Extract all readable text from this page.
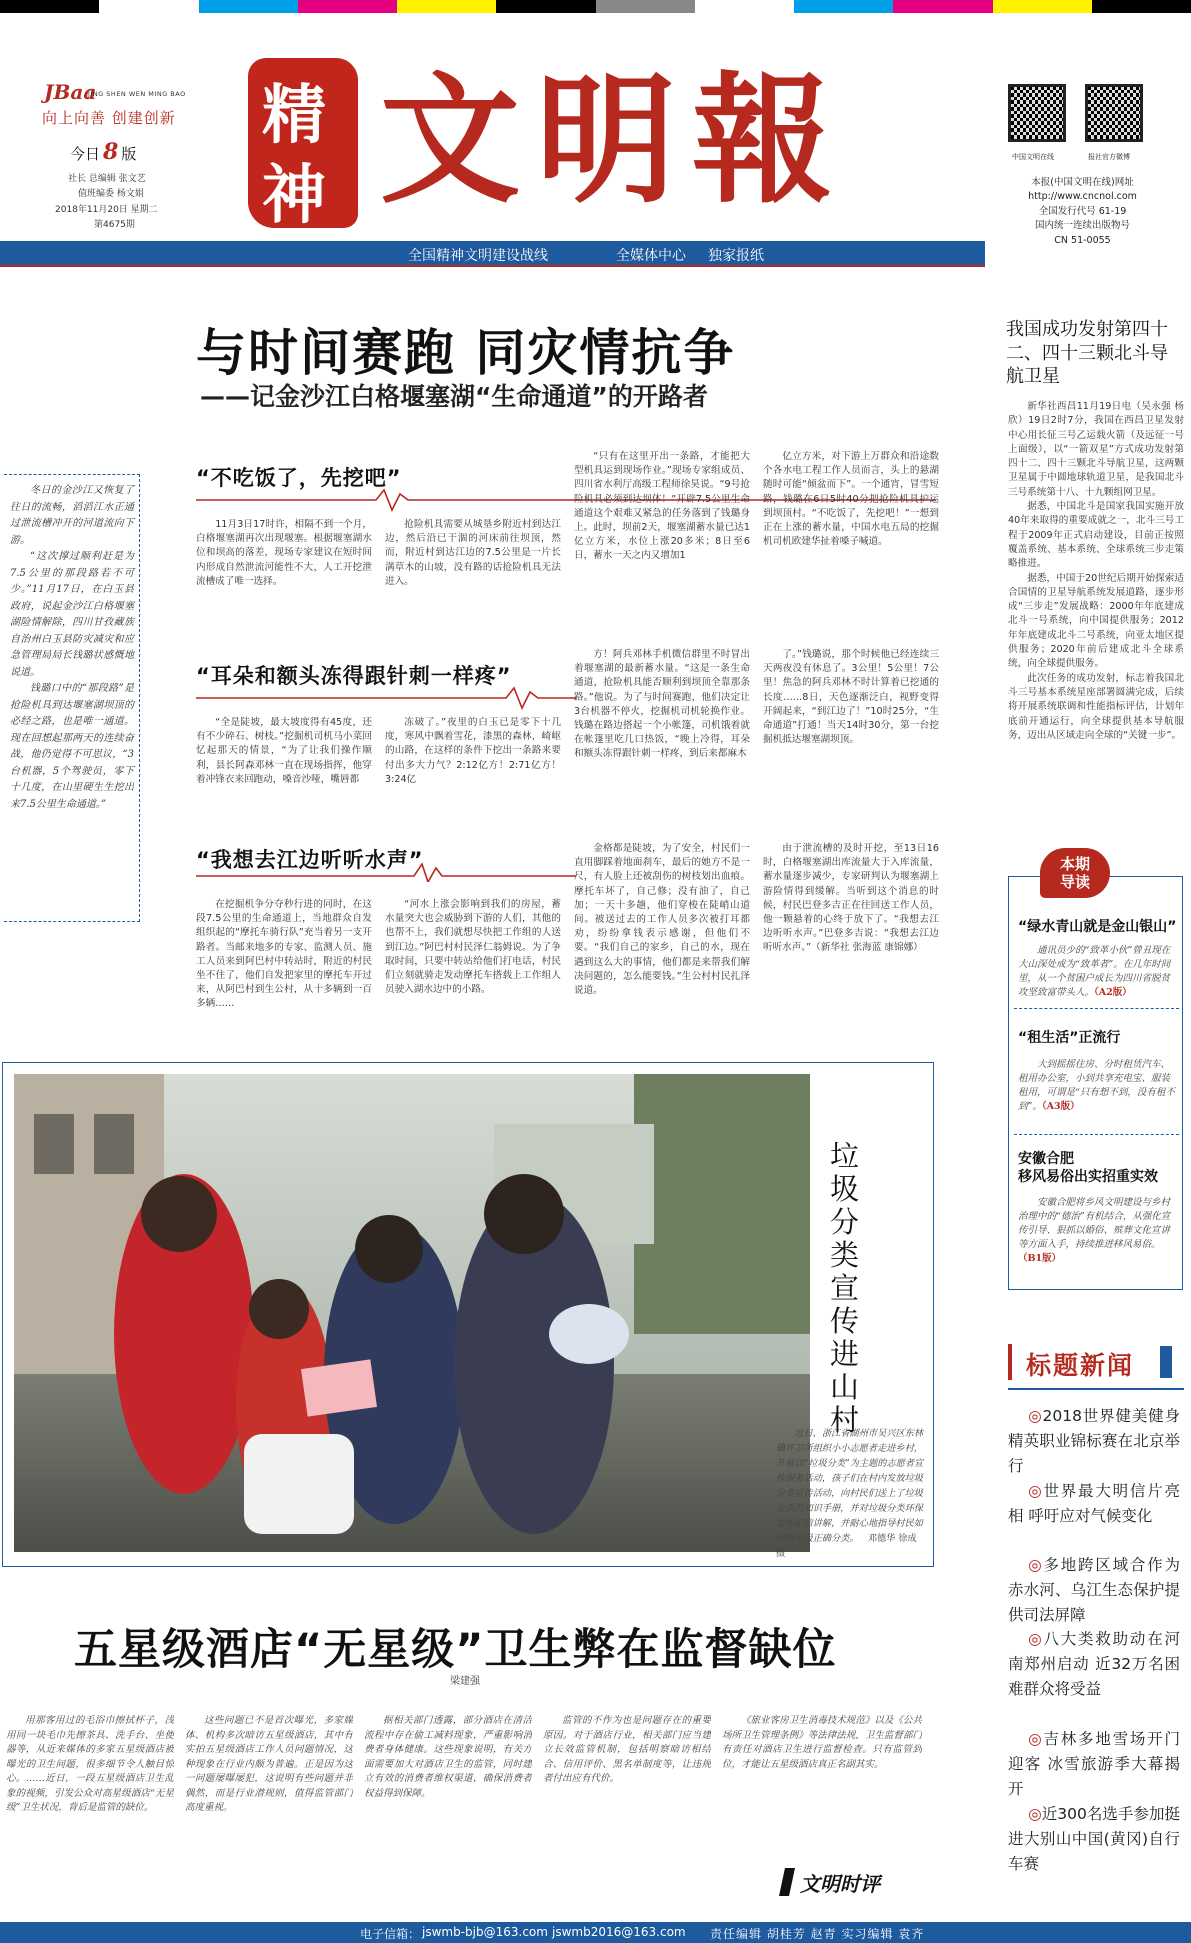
JBaa
JING SHEN WEN MING BAO
向上向善 创建创新
今日 8 版
社长 总编辑 张文艺
值班编委 杨文娟
2018年11月20日 星期二
第4675期
精
神 文明報	中国文明在线	报社官方微博
本报(中国文明在线)网址
http://www.cncnol.com
全国发行代号 61-19
国内统一连续出版物号
CN 51-0055
全国精神文明建设战线	全媒体中心 独家报纸
与时间赛跑 同灾情抗争
——记金沙江白格堰塞湖“生命通道”的开路者

冬日的金沙江又恢复了往日的流畅，滔滔江水正通过泄流槽冲开的河道流向下游。

“这次撑过顺利赶是为7.5公里的那段路若不可少。”11月17日，在白玉县政府，说起金沙江白格堰塞湖险情解除，四川甘孜藏族自治州白玉县防灾减灾和应急管理局局长钱璐状感慨地说道。

钱璐口中的“那段路”是抢险机具到达堰塞湖坝顶的必经之路，也是唯一通道。现在回想起那两天的连续奋战，他仍觉得不可思议，“3台机器，5个驾驶员，零下十几度，在山里硬生生挖出来7.5公里生命通道。”

“不吃饭了，先挖吧”

11月3日17时许，相隔不到一个月，白格堰塞湖再次出现堰塞。根据堰塞湖水位和坝高的落差，现场专家建议在短时间内形成自然泄流河能性不大，人工开挖泄流槽成了唯一选择。

抢险机具需要从城垦乡附近村到达江边，然后沿已干涸的河床前往坝顶，然而，附近村到达江边的7.5公里是一片长满草木的山坡，没有路的话抢险机具无法进入。

“只有在这里开出一条路，才能把大型机具运到现场作业。”现场专家组成员、四川省水利厅高级工程师徐昊说。“9号抢险机具必须到达坝体！”开辟7.5公里生命通道这个艰难又紧急的任务落到了钱璐身上。此时，坝前2天，堰塞湖蓄水量已达1亿立方米，水位上涨20多米；8日至6日，蓄水一天之内又增加1

亿立方米，对下游上万群众和沿途数个各水电工程工作人员而言，头上的悬湖随时可能“倾盆而下”。一个通宵，冒雪短路，钱璐在6日5时40分把抢险机具护运到坝顶村。“不吃饭了，先挖吧！”一想到正在上涨的蓄水量，中国水电五局的挖掘机司机欧建华扯着嗓子喊道。

“耳朵和额头冻得跟针刺一样疼”

“全是陡坡，最大坡度得有45度，还有不少碎石、树枝。”挖掘机司机马小菜回忆起那天的情景，“为了让我们操作顺利，县长阿森邓林一直在现场指挥，他穿着冲锋衣来回跑动，嗓音沙哑，嘴唇都

冻破了。”夜里的白玉已是零下十几度，寒风中飘着雪花，漆黑的森林，崎岖的山路，在这样的条件下挖出一条路来要付出多大力气？2:12亿方！2:71亿方！3:24亿

方！阿兵邓林手机微信群里不时冒出着堰塞湖的最新蓄水量。“这是一条生命通道，抢险机具能否顺利到坝顶全靠那条路。”他说。为了与时间赛跑，他们决定让3台机器不停火，挖掘机司机轮换作业。钱璐在路边搭起一个小帐篷，司机饿着就在帐篷里吃几口热饭，“晚上冷得，耳朵和额头冻得跟针刺一样疼，到后来都麻木

了。”钱璐说，那个时候他已经连续三天两夜没有休息了。3公里！5公里！7公里！焦急的阿兵邓林不时计算着已挖通的长度……8日，天色逐渐泛白，视野变得开阔起来，“到江边了！”10时25分，“生命通道”打通！当天14时30分，第一台挖掘机抵达堰塞湖坝顶。

“我想去江边听听水声”

在挖掘机争分夺秒行进的同时，在这段7.5公里的生命通道上，当地群众自发组织起的“摩托车骑行队”充当着另一支开路者。当邮来地多的专家、监测人员、施工人员来到阿巴村中转站时，附近的村民坐不住了，他们自发把家里的摩托车开过来，从阿巴村到生公村，从十多辆到一百多辆……

“河水上涨会影响到我们的房屋，蓄水量突大也会威胁到下游的人们，其他的也帮不上，我们就想尽快把工作组的人送到江边。”阿巴村村民泽仁翁姆说。为了争取时间，只要中转站给他们打电话，村民们立刻就骑走发动摩托车搭载上工作组人员驶入湖水边中的小路。

金格都是陡坡，为了安全，村民们一直用脚踩着地面刹车，最后的她方不是一尺，有人脸上还被刮伤的树枝划出血痕。摩托车坏了，自己修；没有油了，自己加；一天十多趟，他们穿梭在陡峭山道间。被送过去的工作人员多次被打耳都劝，纷纷拿钱表示感谢，但他们不要。“我们自己的家乡，自己的水，现在遇到这么大的事情，他们都是来帮我们解决问题的，怎么能要钱。”生公村村民扎泽说道。

由于泄流槽的及时开挖，至13日16时，白格堰塞湖出库流量大于入库流量，蓄水量逐步减少，专家研判认为堰塞湖上游险情得到缓解。当听到这个消息的时候，村民巴登多吉正在往回送工作人员，他一颗悬着的心终于放下了。“我想去江边听听水声。”巴登多吉说：“我想去江边听听水声。”（新华社 张海蓝 康锦娜）

我国成功发射第四十二、四十三颗北斗导航卫星

新华社西昌11月19日电（吴永强 杨欣）19日2时7分，我国在西昌卫星发射中心用长征三号乙运载火箭（及远征一号上面级），以“一箭双星”方式成功发射第四十二、四十三颗北斗导航卫星，这两颗卫星属于中圆地球轨道卫星，是我国北斗三号系统第十八、十九颗组网卫星。

据悉，中国北斗是国家我国实施开放40年来取得的重要成就之一，北斗三号工程于2009年正式启动建设，目前正按照覆盖系统、基本系统、全球系统三步走策略推进。

据悉，中国于20世纪后期开始探索适合国情的卫星导航系统发展道路，逐步形成“三步走”发展战略：2000年年底建成北斗一号系统，向中国提供服务；2012年年底建成北斗二号系统，向亚太地区提供服务；2020年前后建成北斗全球系统，向全球提供服务。

此次任务的成功发射，标志着我国北斗三号基本系统星座部署圆满完成，后续将开展系统联调和性能指标评估，计划年底前开通运行，向全球提供基本导航服务，迈出从区域走向全球的“关键一步”。

本期
导读
“绿水青山就是金山银山”
通讯员少的“致革小伙”曾丑现在大山深处成为“致革者”。在几年时间里，从一个贫困户成长为四川省脱贫攻坚致富带头人。（A2版）
“租生活”正流行
大到摇摇住房、分时租赁汽车、租用办公室，小到共享充电宝、服装租用，可谓是“只有想不到，没有租不到”。（A3版）
安徽合肥
移风易俗出实招重实效
安徽合肥将乡风文明建设与乡村治理中的“德治”有机结合，从强化宣传引导、狠抓以婚俗、殡葬文化宣讲等方面入手，持续推进移风易俗。（B1版）
标题新闻
◎2018世界健美健身精英职业锦标赛在北京举行
◎世界最大明信片亮相 呼吁应对气候变化
◎多地跨区域合作为赤水河、乌江生态保护提供司法屏障
◎八大类救助动在河南郑州启动 近32万名困难群众将受益
◎吉林多地雪场开门迎客 冰雪旅游季大幕揭开
◎近300名选手参加挺进大别山中国(黄冈)自行车赛
垃圾分类宣传进山村
近日，浙江省湖州市吴兴区东林镇环卫所组织小小志愿者走进乡村，开展以“垃圾分类”为主题的志愿者宣传服务活动，孩子们在村内发放垃圾分类宣传活动，向村民们送上了垃圾分类的知识手册，并对垃圾分类环保要知识信讲解，并耐心地指导村民如何将垃圾正确分类。 邓德华 徐成 摄
五星级酒店“无星级”卫生弊在监督缺位
梁建强

用那客用过的毛浴巾擦拭杯子，浅用同一块毛巾先擦茶具、洗手台、坐便器等，从近来媒体的多家五星级酒店被曝光的卫生问题，很多细节令人触目惊心。……近日，一段五星级酒店卫生乱象的视频，引发公众对高星级酒店“无星级”卫生状况，背后是监管的缺位。

这些问题已不是首次曝光，多家媒体、机构多次暗访五星级酒店，其中有实拍五星级酒店工作人员问题情况，这种现象在行业内颇为普遍。正是因为这一问题屡曝屡犯，这说明有些问题并非偶然，而是行业潜规则，值得监管部门高度重视。

据相关部门透露，部分酒店在清洁流程中存在偷工减料现象，严重影响消费者身体健康。这些现象说明，有关方面需要加大对酒店卫生的监管，同时建立有效的消费者维权渠道，确保消费者权益得到保障。

监管的不作为也是问题存在的重要原因。对于酒店行业，相关部门应当建立长效监管机制，包括明察暗访相结合、信用评价、黑名单制度等，让违规者付出应有代价。

《旅业客房卫生消毒技术规范》以及《公共场所卫生管理条例》等法律法规，卫生监督部门有责任对酒店卫生进行监督检查。只有监管到位，才能让五星级酒店真正名副其实。

文明时评
电子信箱： jswmb-bjb@163.com jswmb2016@163.com 责任编辑 胡桂芳 赵青 实习编辑 袁齐
